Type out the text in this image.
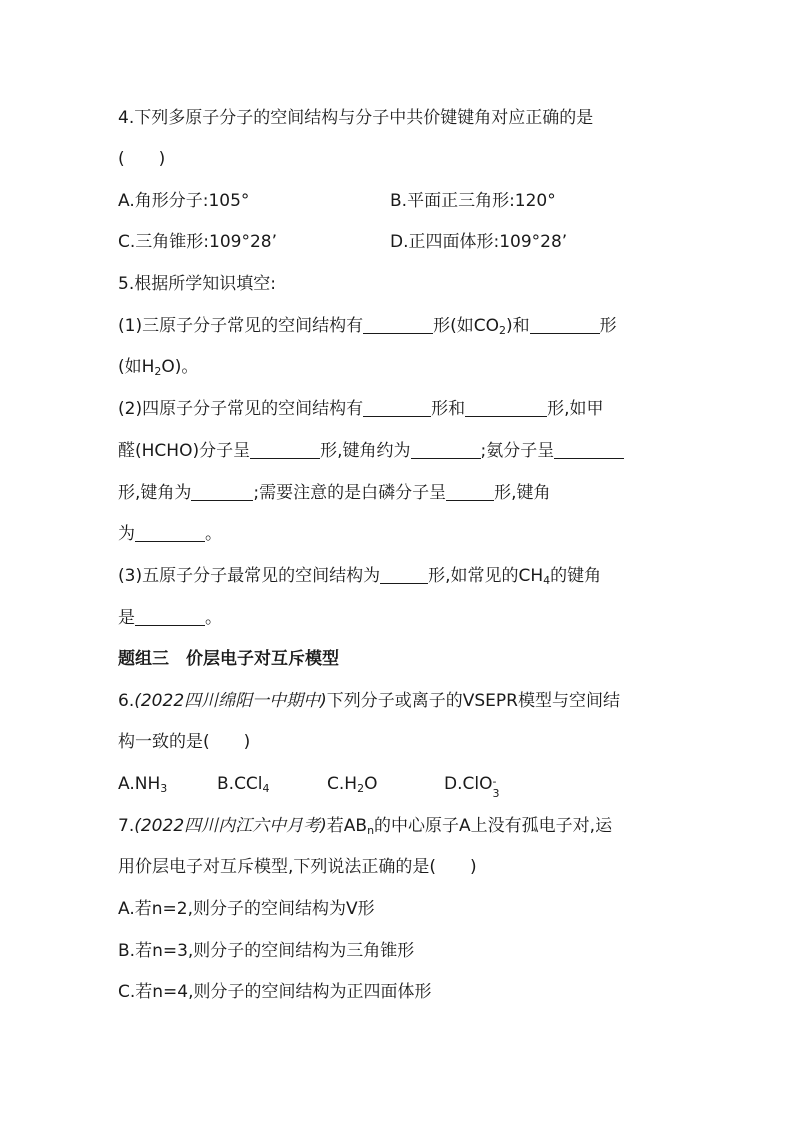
4.下列多原子分子的空间结构与分子中共价键键角对应正确的是
(　　)
A.角形分子:105°	B.平面正三角形:120°
C.三角锥形:109°28’	D.正四面体形:109°28’
5.根据所学知识填空:
(1)三原子分子常见的空间结构有	形(如$CO_2$)和	形
(如$H_2O$)。
(2)四原子分子常见的空间结构有	形和	形,如甲
醛(HCHO)分子呈	形,键角约为	;氨分子呈
形,键角为	;需要注意的是白磷分子呈	形,键角
为	。
(3)五原子分子最常见的空间结构为	形,如常见的$CH_4$的键角
是	。
题组三　价层电子对互斥模型
6.(2022四川绵阳一中期中)下列分子或离子的VSEPR模型与空间结
构一致的是(　　)
$A.NH_3$	B.CCl$_4$	$C.H_2O$	D.ClO -
3
7.(2022四川内江六中月考)若$AB_n$的中心原子A上没有孤电子对,运
用价层电子对互斥模型,下列说法正确的是(　　)
A.若n=2,则分子的空间结构为V形
B.若n=3,则分子的空间结构为三角锥形
C.若n=4,则分子的空间结构为正四面体形
